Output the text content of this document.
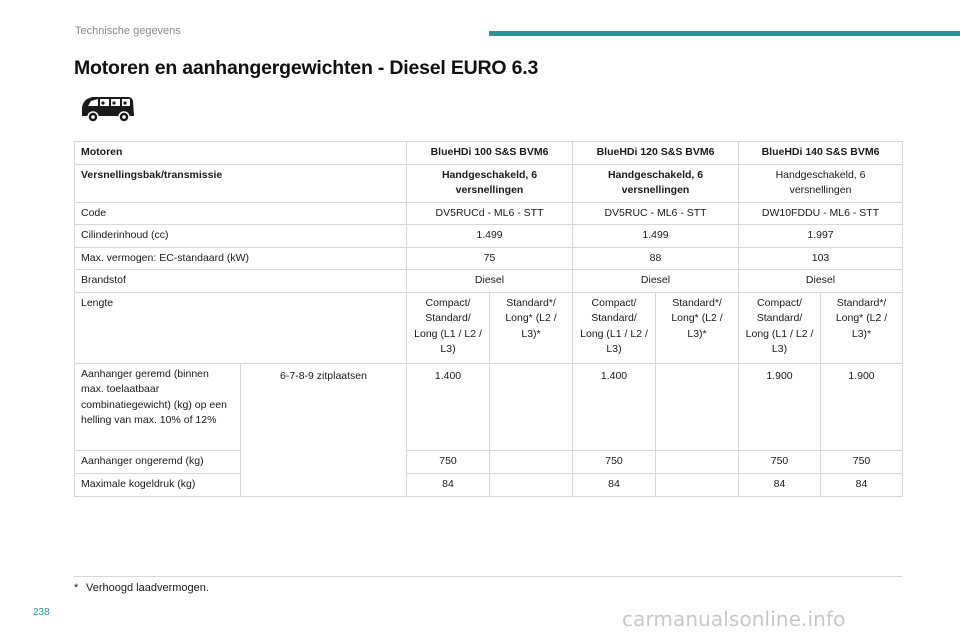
Technische gegevens
Motoren en aanhangergewichten - Diesel EURO 6.3
Motoren		BlueHDi 100 S&S BVM6		BlueHDi 120 S&S BVM6		BlueHDi 140 S&S BVM6	
Versnellingsbak/transmissie		Handgeschakeld, 6 versnellingen		Handgeschakeld, 6 versnellingen		Handgeschakeld, 6 versnellingen	
Code		DV5RUCd - ML6 - STT		DV5RUC - ML6 - STT		DW10FDDU - ML6 - STT	
Cilinderinhoud (cc)		1.499		1.499		1.997	
Max. vermogen: EC-standaard (kW)		75		88		103	
Brandstof		Diesel		Diesel		Diesel	
Lengte		Compact/ Standard/ Long (L1 / L2 / L3)	Standard*/ Long* (L2 / L3)*	Compact/ Standard/ Long (L1 / L2 / L3)	Standard*/ Long* (L2 / L3)*	Compact/ Standard/ Long (L1 / L2 / L3)	Standard*/ Long* (L2 / L3)*
Aanhanger geremd (binnen max. toelaatbaar combinatiegewicht) (kg) op een helling van max. 10% of 12%	6-7-8-9 zitplaatsen	1.400		1.400		1.900	1.900
Aanhanger ongeremd (kg)		750		750		750	750
Maximale kogeldruk (kg)		84		84		84	84
* Verhoogd laadvermogen.
238	carmanualsonline.info
